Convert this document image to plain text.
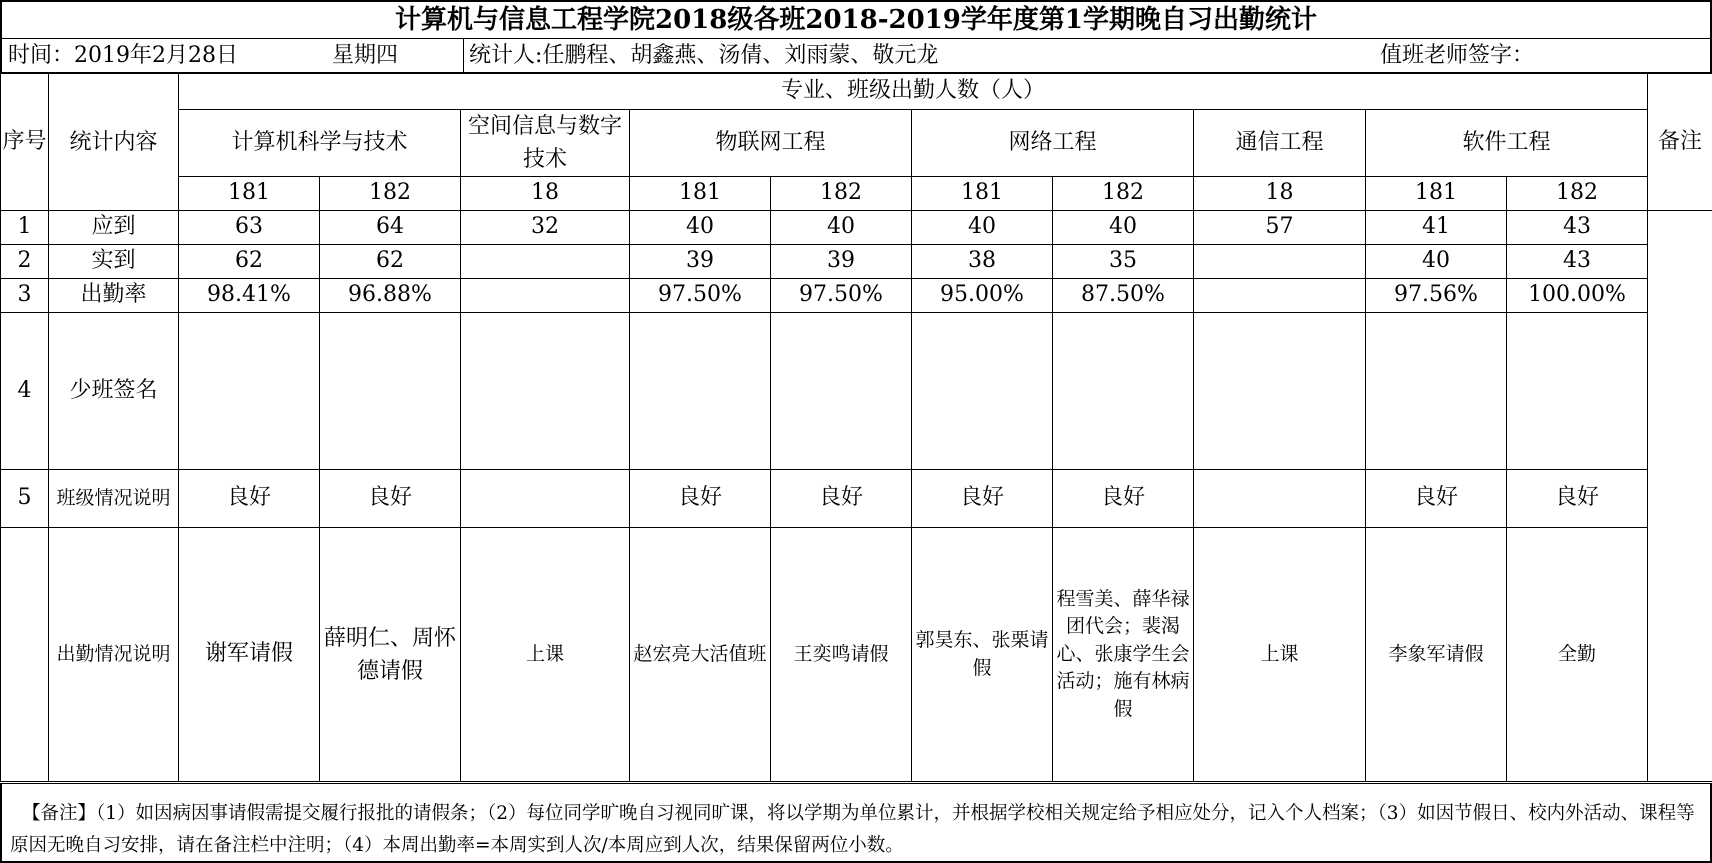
计算机与信息工程学院2018级各班2018-2019学年度第1学期晚自习出勤统计
时间：2019年2月28日	星期四	统计人:任鹏程、胡鑫燕、汤倩、刘雨蒙、敬元龙	值班老师签字：
序号	统计内容	专业、班级出勤人数（人）										备注
		计算机科学与技术		空间信息与数字技术	物联网工程		网络工程		通信工程	软件工程		
		181	182	18	181	182	181	182	18	181	182	
1	应到	63	64	32	40	40	40	40	57	41	43	
2	实到	62	62		39	39	38	35		40	43	
3	出勤率	98.41%	96.88%		97.50%	97.50%	95.00%	87.50%		97.56%	100.00%	
4	少班签名											
5	班级情况说明	良好	良好		良好	良好	良好	良好		良好	良好	
	出勤情况说明	谢军请假	薛明仁、周怀德请假	上课	赵宏亮大活值班	王奕鸣请假	郭昊东、张栗请假	程雪美、薛华禄团代会；裴渴心、张康学生会活动；施有林病假	上课	李象军请假	全勤	
【备注】（1）如因病因事请假需提交履行报批的请假条；（2）每位同学旷晚自习视同旷课，将以学期为单位累计，并根据学校相关规定给予相应处分，记入个人档案；（3）如因节假日、校内外活动、课程等原因无晚自习安排，请在备注栏中注明；（4）本周出勤率=本周实到人次/本周应到人次，结果保留两位小数。
